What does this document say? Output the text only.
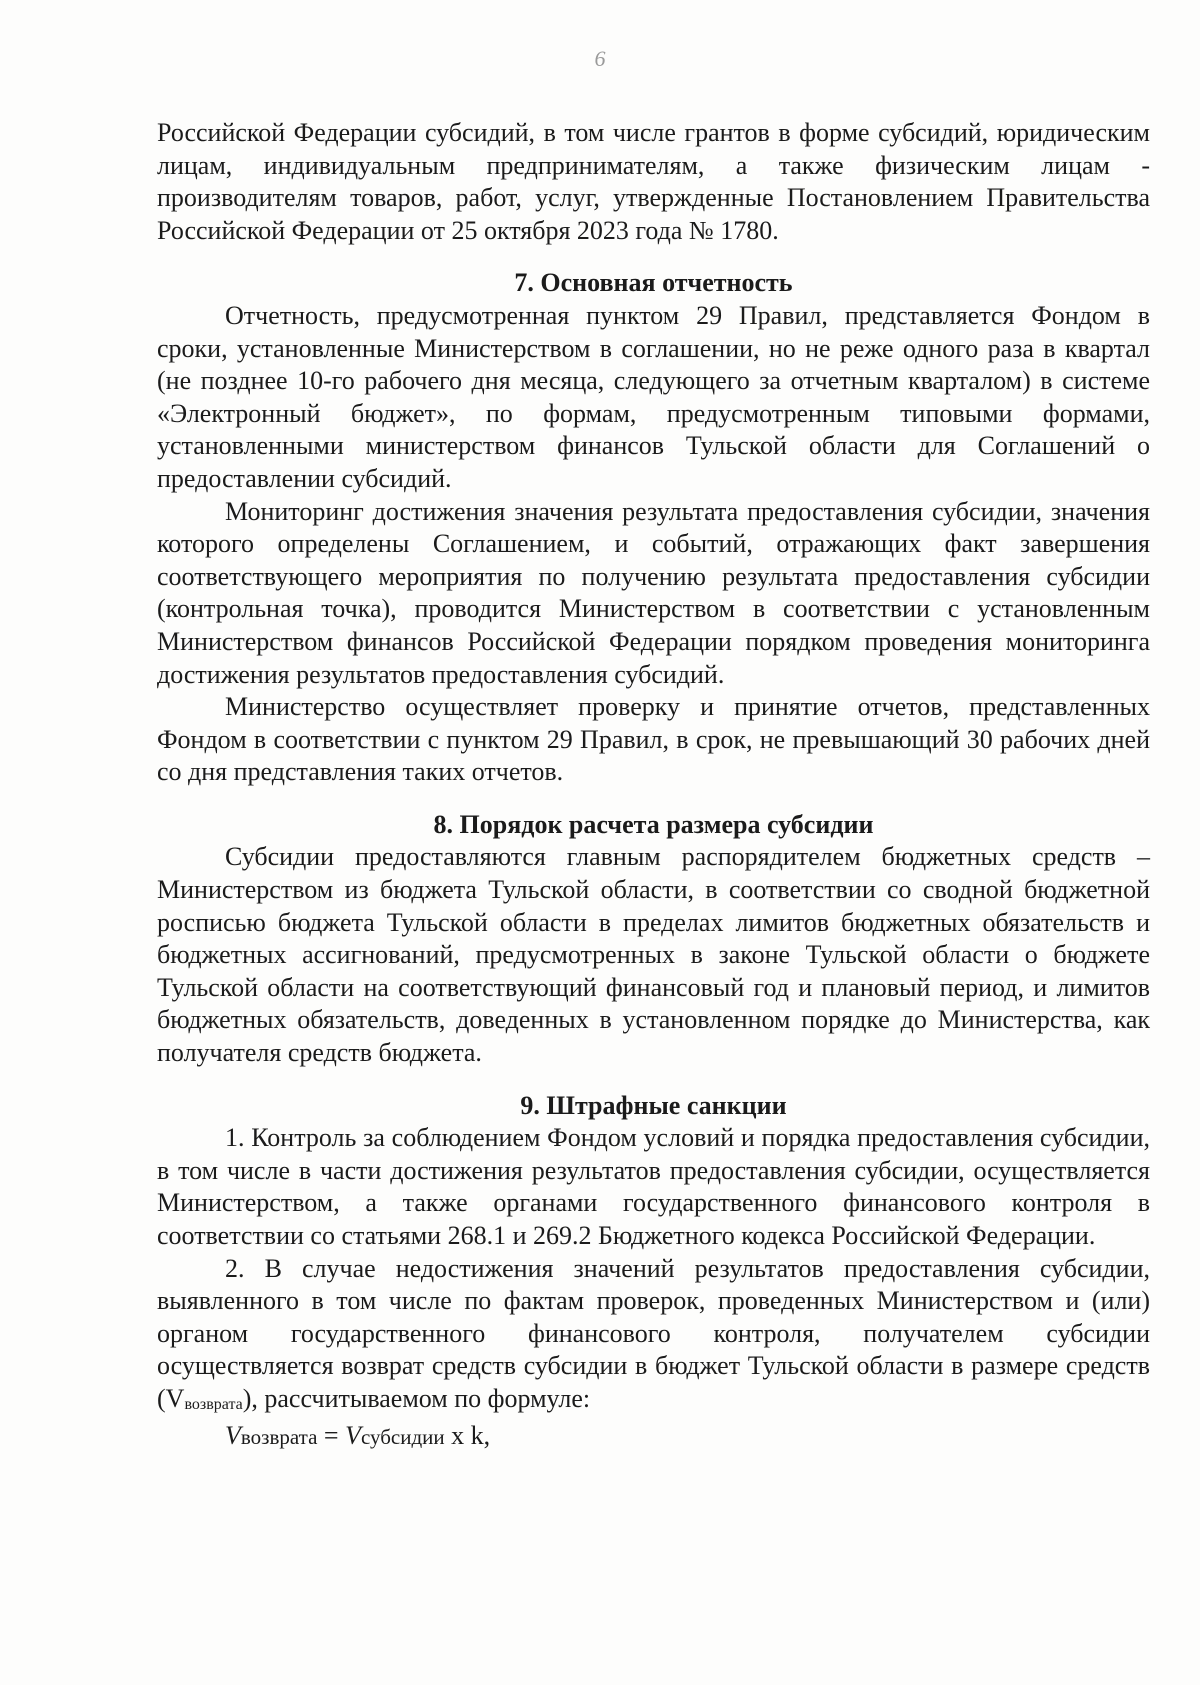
6

Российской Федерации субсидий, в том числе грантов в форме субсидий, юридическим лицам, индивидуальным предпринимателям, а также физическим лицам - производителям товаров, работ, услуг, утвержденные Постановлением Правительства Российской Федерации от 25 октября 2023 года № 1780.

7. Основная отчетность

Отчетность, предусмотренная пунктом 29 Правил, представляется Фондом в сроки, установленные Министерством в соглашении, но не реже одного раза в квартал (не позднее 10-го рабочего дня месяца, следующего за отчетным кварталом) в системе «Электронный бюджет», по формам, предусмотренным типовыми формами, установленными министерством финансов Тульской области для Соглашений о предоставлении субсидий.

Мониторинг достижения значения результата предоставления субсидии, значения которого определены Соглашением, и событий, отражающих факт завершения соответствующего мероприятия по получению результата предоставления субсидии (контрольная точка), проводится Министерством в соответствии с установленным Министерством финансов Российской Федерации порядком проведения мониторинга достижения результатов предоставления субсидий.

Министерство осуществляет проверку и принятие отчетов, представленных Фондом в соответствии с пунктом 29 Правил, в срок, не превышающий 30 рабочих дней со дня представления таких отчетов.

8. Порядок расчета размера субсидии

Субсидии предоставляются главным распорядителем бюджетных средств – Министерством из бюджета Тульской области, в соответствии со сводной бюджетной росписью бюджета Тульской области в пределах лимитов бюджетных обязательств и бюджетных ассигнований, предусмотренных в законе Тульской области о бюджете Тульской области на соответствующий финансовый год и плановый период, и лимитов бюджетных обязательств, доведенных в установленном порядке до Министерства, как получателя средств бюджета.

9. Штрафные санкции

1. Контроль за соблюдением Фондом условий и порядка предоставления субсидии, в том числе в части достижения результатов предоставления субсидии, осуществляется Министерством, а также органами государственного финансового контроля в соответствии со статьями 268.1 и 269.2 Бюджетного кодекса Российской Федерации.

2. В случае недостижения значений результатов предоставления субсидии, выявленного в том числе по фактам проверок, проведенных Министерством и (или) органом государственного финансового контроля, получателем субсидии осуществляется возврат средств субсидии в бюджет Тульской области в размере средств (Vвозврата), рассчитываемом по формуле:

Vвозврата = Vсубсидии x k,
